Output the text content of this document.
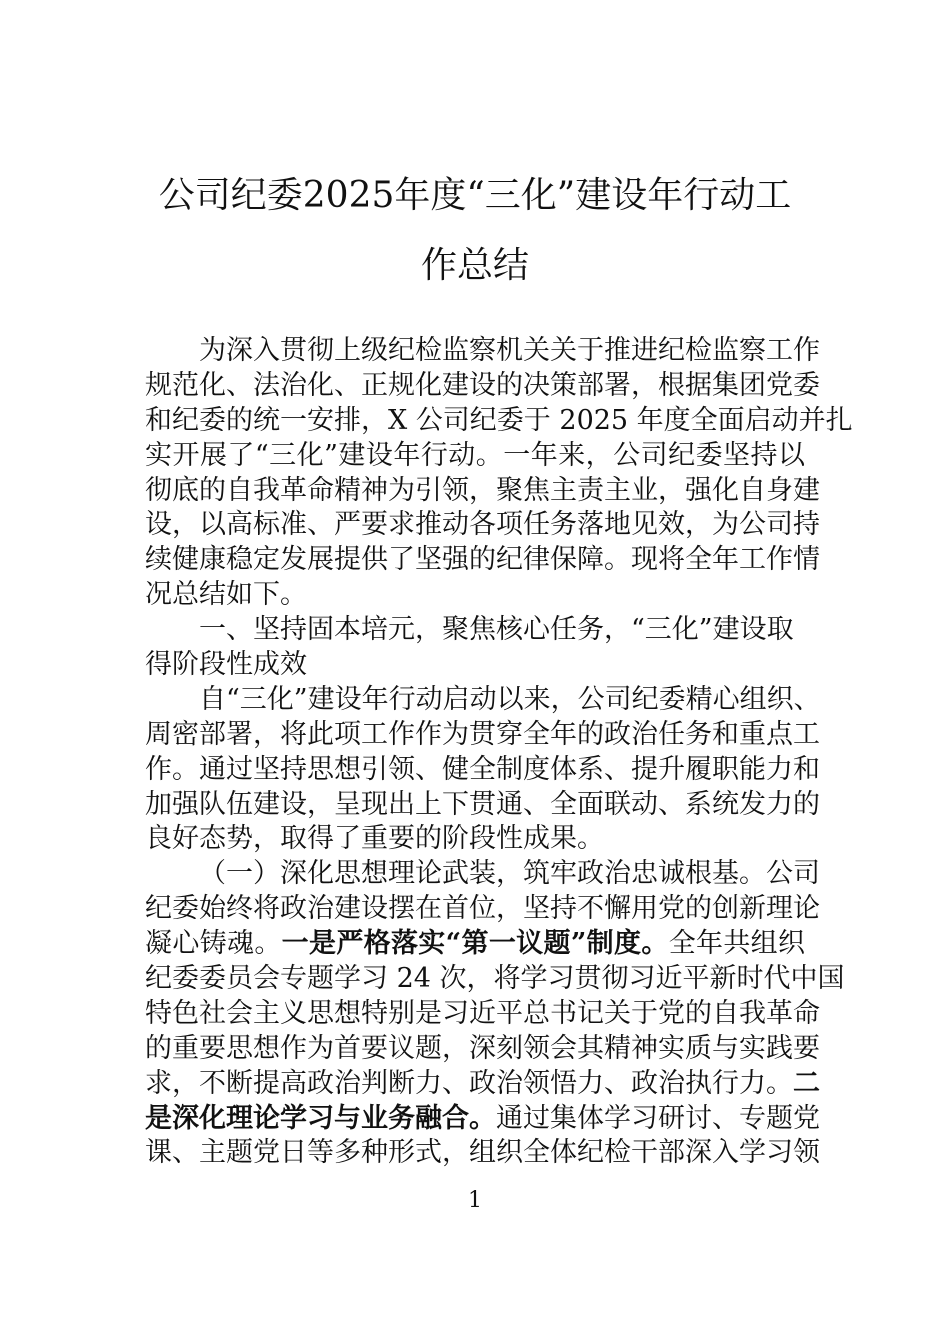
公司纪委2025年度“三化”建设年行动工
作总结
为深入贯彻上级纪检监察机关关于推进纪检监察工作
规范化、法治化、正规化建设的决策部署，根据集团党委
和纪委的统一安排，X 公司纪委于 2025 年度全面启动并扎
实开展了“三化”建设年行动。一年来，公司纪委坚持以
彻底的自我革命精神为引领，聚焦主责主业，强化自身建
设，以高标准、严要求推动各项任务落地见效，为公司持
续健康稳定发展提供了坚强的纪律保障。现将全年工作情
况总结如下。
一、坚持固本培元，聚焦核心任务，“三化”建设取
得阶段性成效
自“三化”建设年行动启动以来，公司纪委精心组织、
周密部署，将此项工作作为贯穿全年的政治任务和重点工
作。通过坚持思想引领、健全制度体系、提升履职能力和
加强队伍建设，呈现出上下贯通、全面联动、系统发力的
良好态势，取得了重要的阶段性成果。
（一）深化思想理论武装，筑牢政治忠诚根基。公司
纪委始终将政治建设摆在首位，坚持不懈用党的创新理论
凝心铸魂。一是严格落实“第一议题”制度。全年共组织
纪委委员会专题学习 24 次，将学习贯彻习近平新时代中国
特色社会主义思想特别是习近平总书记关于党的自我革命
的重要思想作为首要议题，深刻领会其精神实质与实践要
求，不断提高政治判断力、政治领悟力、政治执行力。二
是深化理论学习与业务融合。通过集体学习研讨、专题党
课、主题党日等多种形式，组织全体纪检干部深入学习领
1
